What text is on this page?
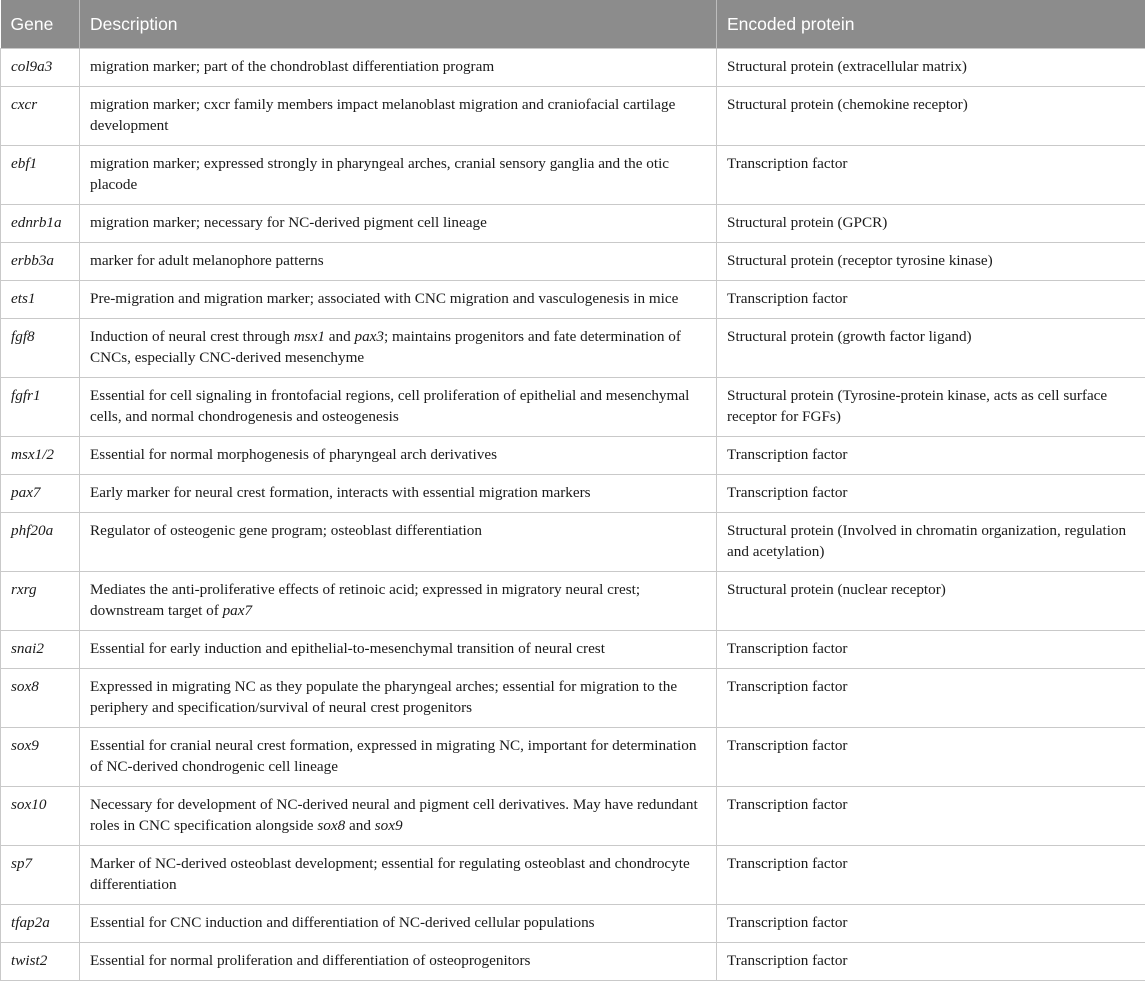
Gene	Description	Encoded protein
col9a3	migration marker; part of the chondroblast differentiation program	Structural protein (extracellular matrix)
cxcr	migration marker; cxcr family members impact melanoblast migration and craniofacial cartilage development	Structural protein (chemokine receptor)
ebf1	migration marker; expressed strongly in pharyngeal arches, cranial sensory ganglia and the otic placode	Transcription factor
ednrb1a	migration marker; necessary for NC-derived pigment cell lineage	Structural protein (GPCR)
erbb3a	marker for adult melanophore patterns	Structural protein (receptor tyrosine kinase)
ets1	Pre-migration and migration marker; associated with CNC migration and vasculogenesis in mice	Transcription factor
fgf8	Induction of neural crest through msx1 and pax3; maintains progenitors and fate determination of CNCs, especially CNC-derived mesenchyme	Structural protein (growth factor ligand)
fgfr1	Essential for cell signaling in frontofacial regions, cell proliferation of epithelial and mesenchymal cells, and normal chondrogenesis and osteogenesis	Structural protein (Tyrosine-protein kinase, acts as cell surface receptor for FGFs)
msx1/2	Essential for normal morphogenesis of pharyngeal arch derivatives	Transcription factor
pax7	Early marker for neural crest formation, interacts with essential migration markers	Transcription factor
phf20a	Regulator of osteogenic gene program; osteoblast differentiation	Structural protein (Involved in chromatin organization, regulation and acetylation)
rxrg	Mediates the anti-proliferative effects of retinoic acid; expressed in migratory neural crest; downstream target of pax7	Structural protein (nuclear receptor)
snai2	Essential for early induction and epithelial-to-mesenchymal transition of neural crest	Transcription factor
sox8	Expressed in migrating NC as they populate the pharyngeal arches; essential for migration to the periphery and specification/survival of neural crest progenitors	Transcription factor
sox9	Essential for cranial neural crest formation, expressed in migrating NC, important for determination of NC-derived chondrogenic cell lineage	Transcription factor
sox10	Necessary for development of NC-derived neural and pigment cell derivatives. May have redundant roles in CNC specification alongside sox8 and sox9	Transcription factor
sp7	Marker of NC-derived osteoblast development; essential for regulating osteoblast and chondrocyte differentiation	Transcription factor
tfap2a	Essential for CNC induction and differentiation of NC-derived cellular populations	Transcription factor
twist2	Essential for normal proliferation and differentiation of osteoprogenitors	Transcription factor
